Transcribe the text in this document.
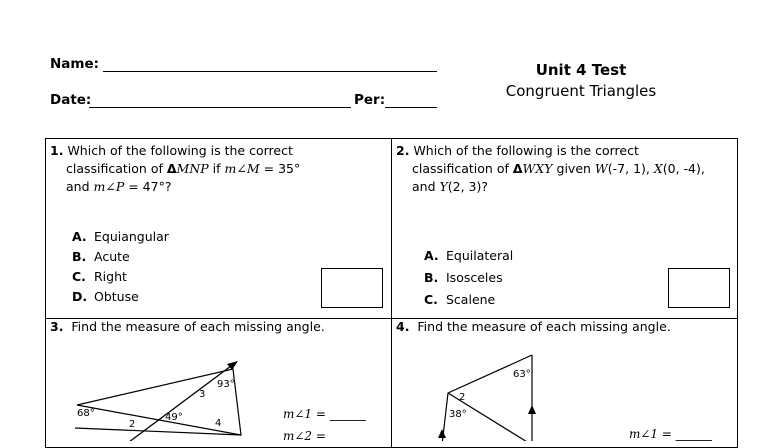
Name:
Date:	Per:
Unit 4 Test
Congruent Triangles
1. Which of the following is the correct
classification of ΔMNP if m∠M = 35°
and m∠P = 47°?
A. Equiangular
B. Acute
C. Right
D. Obtuse
2. Which of the following is the correct
classification of ΔWXY given W(-7, 1), X(0, -4),
and Y(2, 3)?
A. Equilateral
B. Isosceles
C. Scalene
3. Find the measure of each missing angle.
68°	49°
93°
2
3
4
m∠1 = ______
m∠2 =
4. Find the measure of each missing angle.
63°
38°
2
m∠1 = ______
